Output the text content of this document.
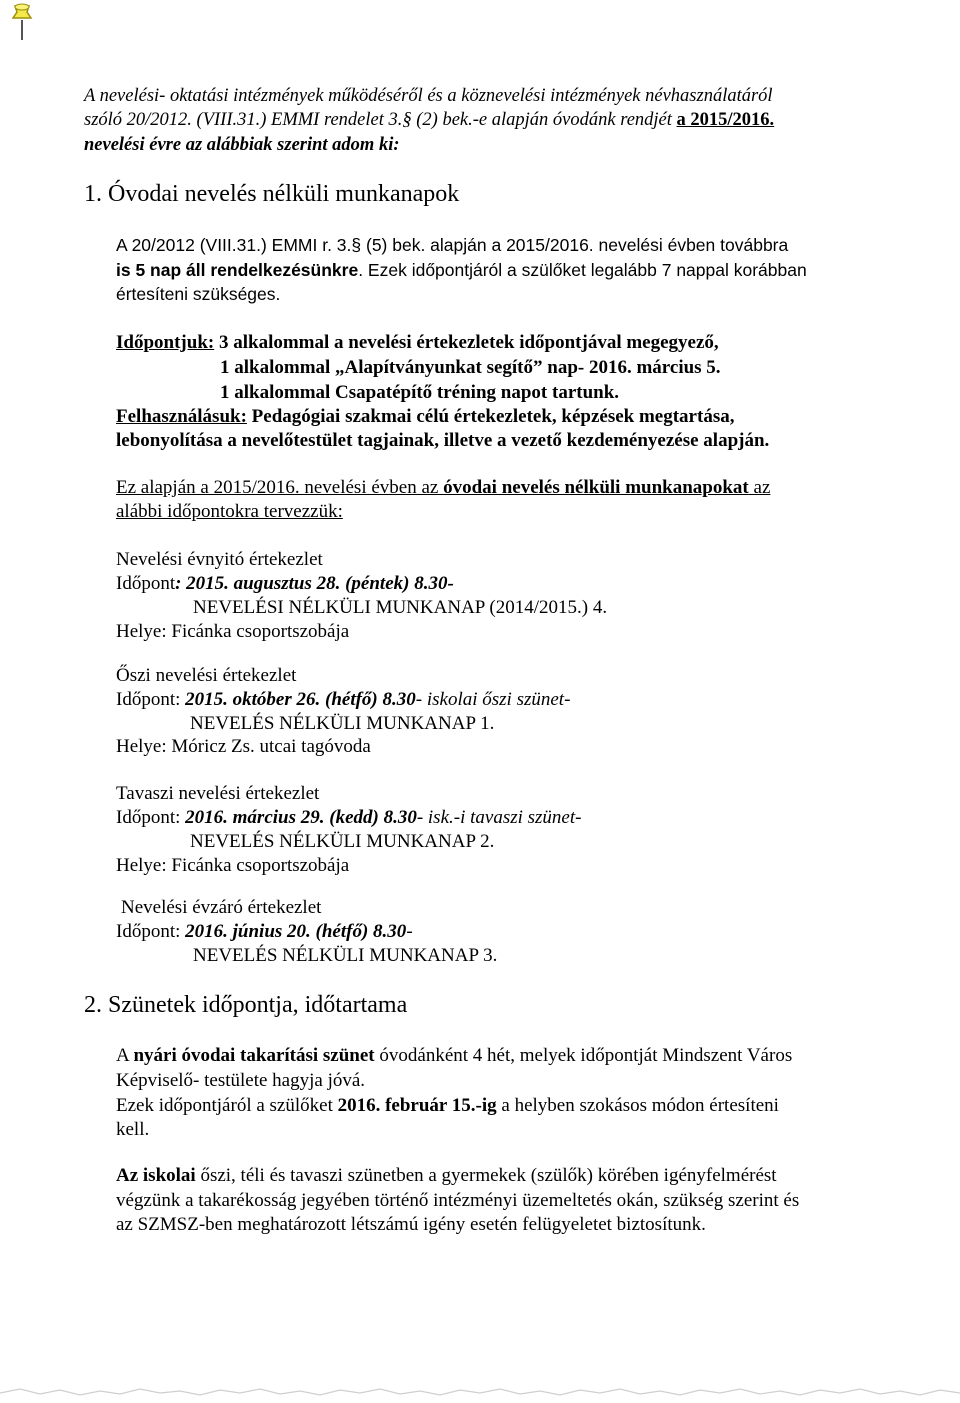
A nevelési- oktatási intézmények működéséről és a köznevelési intézmények névhasználatáról
szóló 20/2012. (VIII.31.) EMMI rendelet 3.§ (2) bek.-e alapján óvodánk rendjét a 2015/2016.
nevelési évre az alábbiak szerint adom ki:
1. Óvodai nevelés nélküli munkanapok
A 20/2012 (VIII.31.) EMMI r. 3.§ (5) bek. alapján a 2015/2016. nevelési évben továbbra
is 5 nap áll rendelkezésünkre. Ezek időpontjáról a szülőket legalább 7 nappal korábban
értesíteni szükséges.
Időpontjuk: 3 alkalommal a nevelési értekezletek időpontjával megegyező,
1 alkalommal „Alapítványunkat segítő” nap- 2016. március 5.
1 alkalommal Csapatépítő tréning napot tartunk.
Felhasználásuk: Pedagógiai szakmai célú értekezletek, képzések megtartása,
lebonyolítása a nevelőtestület tagjainak, illetve a vezető kezdeményezése alapján.
Ez alapján a 2015/2016. nevelési évben az óvodai nevelés nélküli munkanapokat az
alábbi időpontokra tervezzük:
Nevelési évnyitó értekezlet
Időpont: 2015. augusztus 28. (péntek) 8.30-
NEVELÉSI NÉLKÜLI MUNKANAP (2014/2015.) 4.
Helye: Ficánka csoportszobája
Őszi nevelési értekezlet
Időpont: 2015. október 26. (hétfő) 8.30- iskolai őszi szünet-
NEVELÉS NÉLKÜLI MUNKANAP 1.
Helye: Móricz Zs. utcai tagóvoda
Tavaszi nevelési értekezlet
Időpont: 2016. március 29. (kedd) 8.30- isk.-i tavaszi szünet-
NEVELÉS NÉLKÜLI MUNKANAP 2.
Helye: Ficánka csoportszobája
Nevelési évzáró értekezlet
Időpont: 2016. június 20. (hétfő) 8.30-
NEVELÉS NÉLKÜLI MUNKANAP 3.
2. Szünetek időpontja, időtartama
A nyári óvodai takarítási szünet óvodánként 4 hét, melyek időpontját Mindszent Város
Képviselő- testülete hagyja jóvá.
Ezek időpontjáról a szülőket 2016. február 15.-ig a helyben szokásos módon értesíteni
kell.
Az iskolai őszi, téli és tavaszi szünetben a gyermekek (szülők) körében igényfelmérést
végzünk a takarékosság jegyében történő intézményi üzemeltetés okán, szükség szerint és
az SZMSZ-ben meghatározott létszámú igény esetén felügyeletet biztosítunk.
